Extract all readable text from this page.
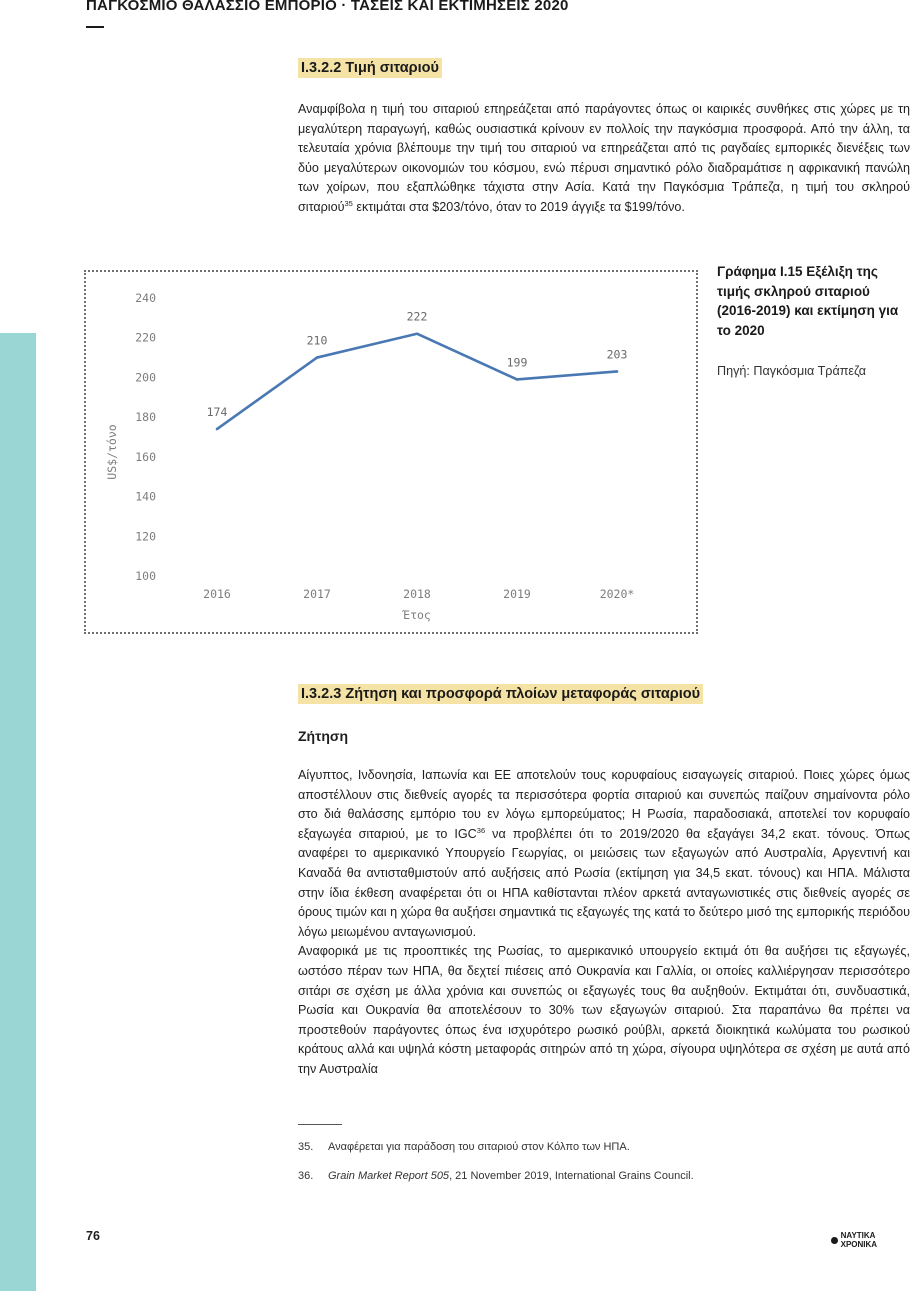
ΠΑΓΚΟΣΜΙΟ ΘΑΛΑΣΣΙΟ ΕΜΠΟΡΙΟ · ΤΑΣΕΙΣ ΚΑΙ ΕΚΤΙΜΗΣΕΙΣ 2020
Ι.3.2.2 Τιμή σιταριού

Αναμφίβολα η τιμή του σιταριού επηρεάζεται από παράγοντες όπως οι καιρικές συνθήκες στις χώρες με τη μεγαλύτερη παραγωγή, καθώς ουσιαστικά κρίνουν εν πολλοίς την παγκόσμια προσφορά. Από την άλλη, τα τελευταία χρόνια βλέπουμε την τιμή του σιταριού να επηρεάζεται από τις ραγδαίες εμπορικές διενέξεις των δύο μεγαλύτερων οικονομιών του κόσμου, ενώ πέρυσι σημαντικό ρόλο διαδραμάτισε η αφρικανική πανώλη των χοίρων, που εξαπλώθηκε τάχιστα στην Ασία. Κατά την Παγκόσμια Τράπεζα, η τιμή του σκληρού σιταριού$^{35}$ εκτιμάται στα $203/τόνο, όταν το 2019 άγγιξε τα $199/τόνο.

100
120
140
160
180
200
220
240
2016	2017	2018	2019	2020*
Έτος
US$/τόνο
174
210
222
199
203
Γράφημα Ι.15 Εξέλιξη της τιμής σκληρού σιταριού (2016-2019) και εκτίμηση για το 2020
Πηγή: Παγκόσμια Τράπεζα
Ι.3.2.3 Ζήτηση και προσφορά πλοίων μεταφοράς σιταριού
Ζήτηση

Αίγυπτος, Ινδονησία, Ιαπωνία και ΕΕ αποτελούν τους κορυφαίους εισαγωγείς σιταριού. Ποιες χώρες όμως αποστέλλουν στις διεθνείς αγορές τα περισσότερα φορτία σιταριού και συνεπώς παίζουν σημαίνοντα ρόλο στο διά θαλάσσης εμπόριο του εν λόγω εμπορεύματος; Η Ρωσία, παραδοσιακά, αποτελεί τον κορυφαίο εξαγωγέα σιταριού, με το IGC$^{36}$ να προβλέπει ότι το 2019/2020 θα εξαγάγει 34,2 εκατ. τόνους. Όπως αναφέρει το αμερικανικό Υπουργείο Γεωργίας, οι μειώσεις των εξαγωγών από Αυστραλία, Αργεντινή και Καναδά θα αντισταθμιστούν από αυξήσεις από Ρωσία (εκτίμηση για 34,5 εκατ. τόνους) και ΗΠΑ. Μάλιστα στην ίδια έκθεση αναφέρεται ότι οι ΗΠΑ καθίστανται πλέον αρκετά ανταγωνιστικές στις διεθνείς αγορές σε όρους τιμών και η χώρα θα αυξήσει σημαντικά τις εξαγωγές της κατά το δεύτερο μισό της εμπορικής περιόδου λόγω μειωμένου ανταγωνισμού.

Αναφορικά με τις προοπτικές της Ρωσίας, το αμερικανικό υπουργείο εκτιμά ότι θα αυξήσει τις εξαγωγές, ωστόσο πέραν των ΗΠΑ, θα δεχτεί πιέσεις από Ουκρανία και Γαλλία, οι οποίες καλλιέργησαν περισσότερο σιτάρι σε σχέση με άλλα χρόνια και συνεπώς οι εξαγωγές τους θα αυξηθούν. Εκτιμάται ότι, συνδυαστικά, Ρωσία και Ουκρανία θα αποτελέσουν το 30% των εξαγωγών σιταριού. Στα παραπάνω θα πρέπει να προστεθούν παράγοντες όπως ένα ισχυρότερο ρωσικό ρούβλι, αρκετά διοικητικά κωλύματα του ρωσικού κράτους αλλά και υψηλά κόστη μεταφοράς σιτηρών από τη χώρα, σίγουρα υψηλότερα σε σχέση με αυτά από την Αυστραλία

35. Αναφέρεται για παράδοση του σιταριού στον Κόλπο των ΗΠΑ.
36. Grain Market Report 505, 21 November 2019, International Grains Council.
76	ΝΑΥΤΙΚΑ ΧΡΟΝΙΚΑ
